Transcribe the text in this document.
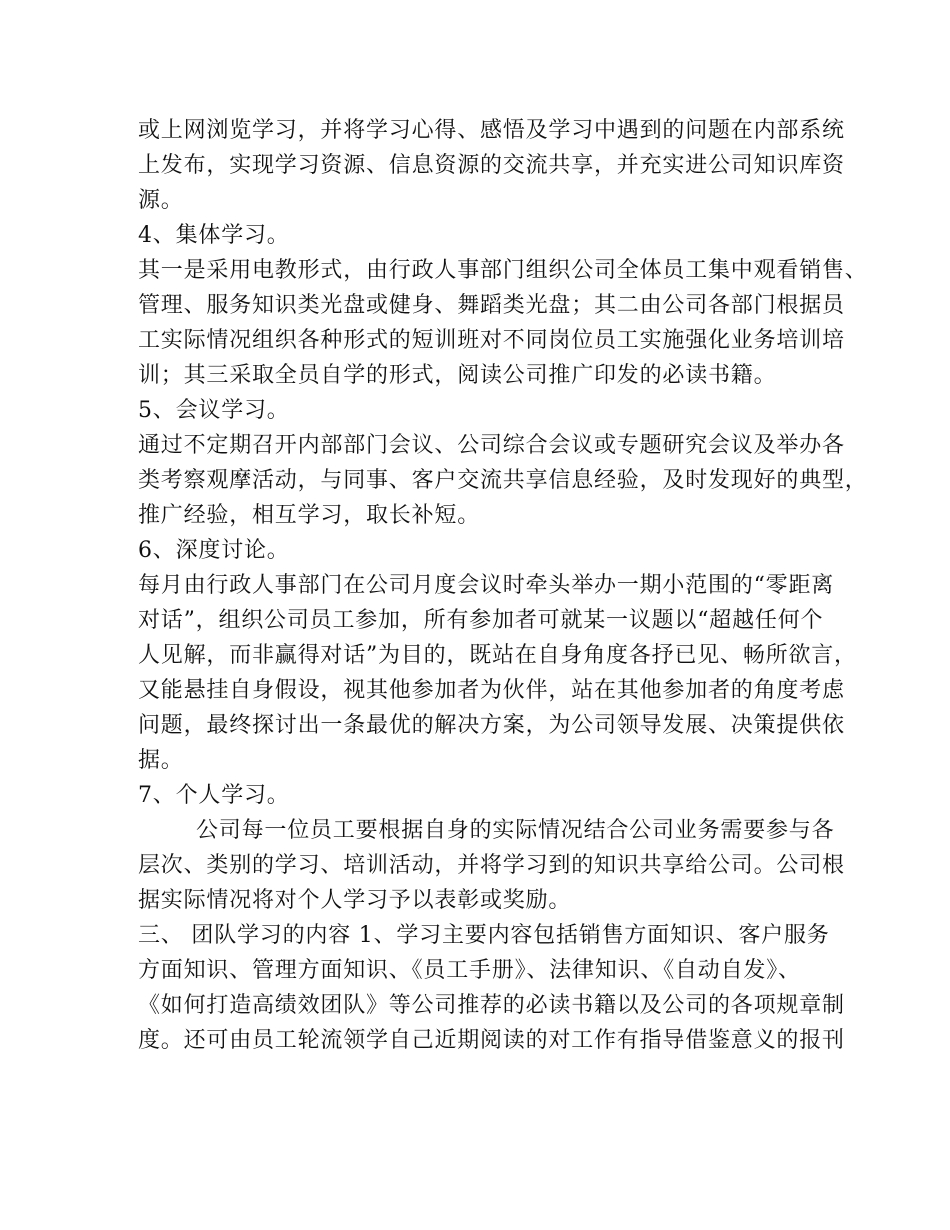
或上网浏览学习，并将学习心得、感悟及学习中遇到的问题在内部系统
上发布，实现学习资源、信息资源的交流共享，并充实进公司知识库资
源。
4、集体学习。
其一是采用电教形式，由行政人事部门组织公司全体员工集中观看销售、
管理、服务知识类光盘或健身、舞蹈类光盘；其二由公司各部门根据员
工实际情况组织各种形式的短训班对不同岗位员工实施强化业务培训培
训；其三采取全员自学的形式，阅读公司推广印发的必读书籍。
5、会议学习。
通过不定期召开内部部门会议、公司综合会议或专题研究会议及举办各
类考察观摩活动，与同事、客户交流共享信息经验，及时发现好的典型，
推广经验，相互学习，取长补短。
6、深度讨论。
每月由行政人事部门在公司月度会议时牵头举办一期小范围的“零距离
对话”，组织公司员工参加，所有参加者可就某一议题以“超越任何个
人见解，而非赢得对话”为目的，既站在自身角度各抒已见、畅所欲言，
又能悬挂自身假设，视其他参加者为伙伴，站在其他参加者的角度考虑
问题，最终探讨出一条最优的解决方案，为公司领导发展、决策提供依
据。
7、个人学习。
公司每一位员工要根据自身的实际情况结合公司业务需要参与各
层次、类别的学习、培训活动，并将学习到的知识共享给公司。公司根
据实际情况将对个人学习予以表彰或奖励。
三、 团队学习的内容 1、学习主要内容包括销售方面知识、客户服务
方面知识、管理方面知识、《员工手册》、法律知识、《自动自发》、
《如何打造高绩效团队》等公司推荐的必读书籍以及公司的各项规章制
度。还可由员工轮流领学自己近期阅读的对工作有指导借鉴意义的报刊
